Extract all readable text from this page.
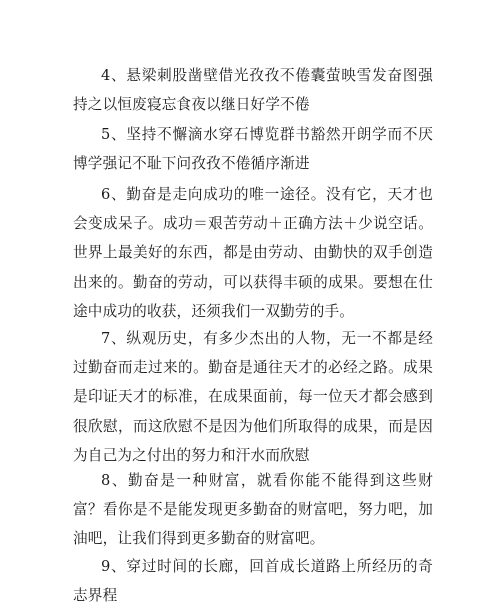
4、悬梁刺股凿壁借光孜孜不倦囊萤映雪发奋图强持之以恒废寝忘食夜以继日好学不倦

5、坚持不懈滴水穿石博览群书豁然开朗学而不厌博学强记不耻下问孜孜不倦循序渐进

6、勤奋是走向成功的唯一途径。没有它，天才也会变成呆子。成功＝艰苦劳动＋正确方法＋少说空话。世界上最美好的东西，都是由劳动、由勤快的双手创造出来的。勤奋的劳动，可以获得丰硕的成果。要想在仕途中成功的收获，还须我们一双勤劳的手。

7、纵观历史，有多少杰出的人物，无一不都是经过勤奋而走过来的。勤奋是通往天才的必经之路。成果是印证天才的标准，在成果面前，每一位天才都会感到很欣慰，而这欣慰不是因为他们所取得的成果，而是因为自己为之付出的努力和汗水而欣慰

8、勤奋是一种财富，就看你能不能得到这些财富？看你是不是能发现更多勤奋的财富吧，努力吧，加油吧，让我们得到更多勤奋的财富吧。

9、穿过时间的长廊，回首成长道路上所经历的奇志界程
